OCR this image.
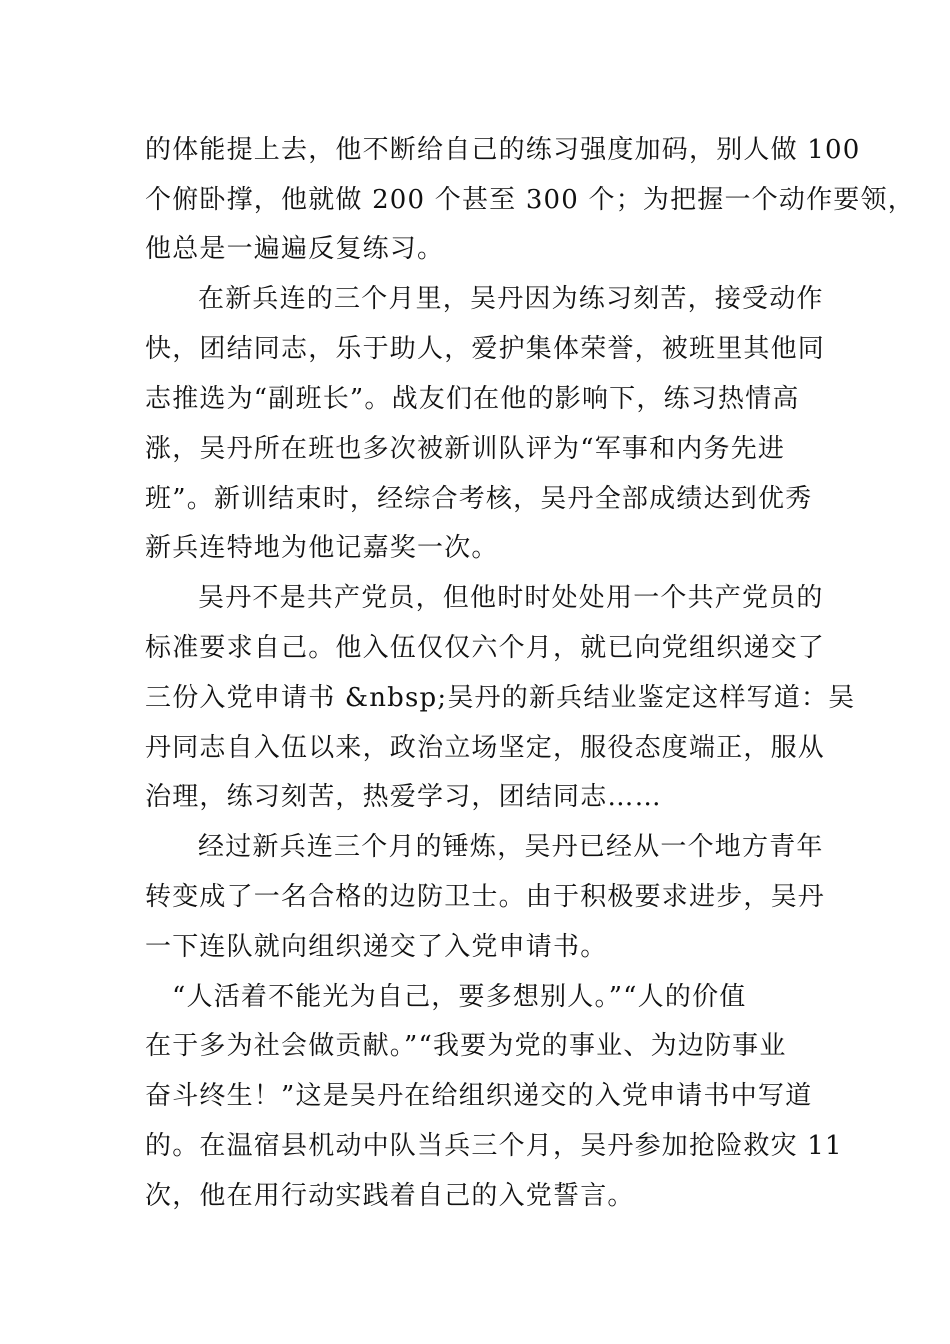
的体能提上去，他不断给自己的练习强度加码，别人做 100
个俯卧撑，他就做 200 个甚至 300 个；为把握一个动作要领，
他总是一遍遍反复练习。
在新兵连的三个月里，吴丹因为练习刻苦，接受动作
快，团结同志，乐于助人，爱护集体荣誉，被班里其他同
志推选为“副班长”。战友们在他的影响下，练习热情高
涨，吴丹所在班也多次被新训队评为“军事和内务先进
班”。新训结束时，经综合考核，吴丹全部成绩达到优秀
新兵连特地为他记嘉奖一次。
吴丹不是共产党员，但他时时处处用一个共产党员的
标准要求自己。他入伍仅仅六个月，就已向党组织递交了
三份入党申请书 &nbsp;吴丹的新兵结业鉴定这样写道：吴
丹同志自入伍以来，政治立场坚定，服役态度端正，服从
治理，练习刻苦，热爱学习，团结同志……
经过新兵连三个月的锤炼，吴丹已经从一个地方青年
转变成了一名合格的边防卫士。由于积极要求进步，吴丹
一下连队就向组织递交了入党申请书。
“人活着不能光为自己，要多想别人。”“人的价值
在于多为社会做贡献。”“我要为党的事业、为边防事业
奋斗终生！”这是吴丹在给组织递交的入党申请书中写道
的。在温宿县机动中队当兵三个月，吴丹参加抢险救灾 11
次，他在用行动实践着自己的入党誓言。
